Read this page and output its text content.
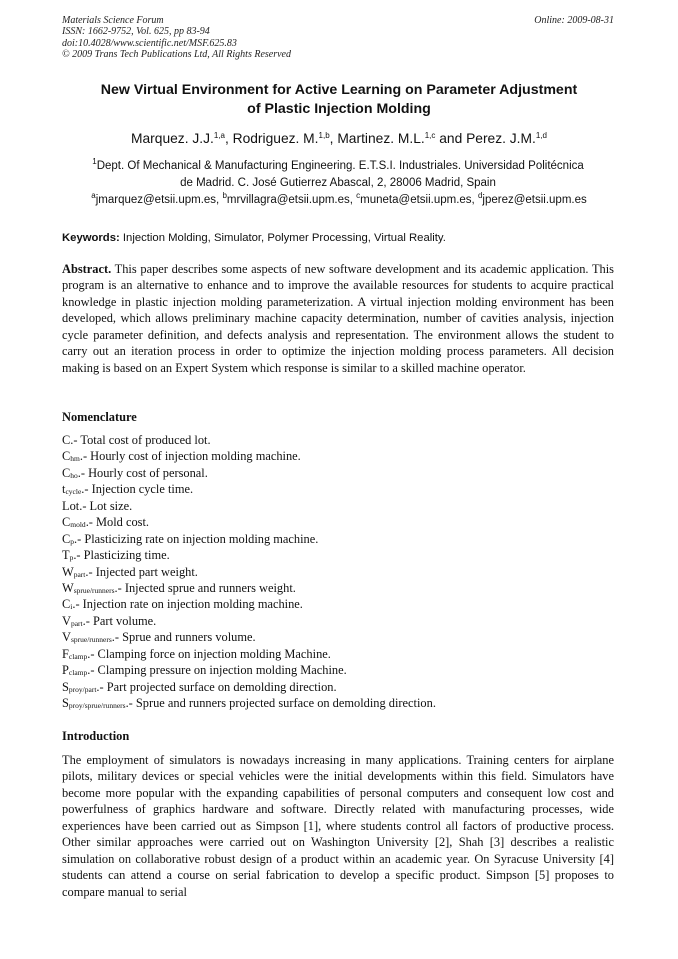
Materials Science Forum
ISSN: 1662-9752, Vol. 625, pp 83-94
doi:10.4028/www.scientific.net/MSF.625.83
© 2009 Trans Tech Publications Ltd, All Rights Reserved
Online: 2009-08-31
New Virtual Environment for Active Learning on Parameter Adjustment
of Plastic Injection Molding
Marquez. J.J.$^{1,a}$, Rodriguez. M.$^{1,b}$, Martinez. M.L.$^{1,c}$ and Perez. J.M.$^{1,d}$
$^1$Dept. Of Mechanical & Manufacturing Engineering. E.T.S.I. Industriales. Universidad Politécnica
de Madrid. C. José Gutierrez Abascal, 2, 28006 Madrid, Spain
$^a$jmarquez@etsii.upm.es, $^b$mrvillagra@etsii.upm.es, $^c$muneta@etsii.upm.es, $^d$jperez@etsii.upm.es
Keywords: Injection Molding, Simulator, Polymer Processing, Virtual Reality.
Abstract. This paper describes some aspects of new software development and its academic application. This program is an alternative to enhance and to improve the available resources for students to acquire practical knowledge in plastic injection molding parameterization. A virtual injection molding environment has been developed, which allows preliminary machine capacity determination, number of cavities analysis, injection cycle parameter definition, and defects analysis and representation. The environment allows the student to carry out an iteration process in order to optimize the injection molding process parameters. All decision making is based on an Expert System which response is similar to a skilled machine operator.
Nomenclature
C.- Total cost of produced lot.
$C_{hm}.-$ Hourly cost of injection molding machine.
$C_{ho}.-$ Hourly cost of personal.
$t_{cycle}.-$ Injection cycle time.
Lot.- Lot size.
$C_{mold}.-$ Mold cost.
$C_p.-$ Plasticizing rate on injection molding machine.
$T_p.-$ Plasticizing time.
$W_{part}.-$ Injected part weight.
$W_{sprue/runners}.-$ Injected sprue and runners weight.
$C_i.-$ Injection rate on injection molding machine.
$V_{part}.-$ Part volume.
$V_{sprue/runners}.-$ Sprue and runners volume.
$F_{clamp}.-$ Clamping force on injection molding Machine.
$P_{clamp}.-$ Clamping pressure on injection molding Machine.
$S_{proy/part}.-$ Part projected surface on demolding direction.
$S_{proy/sprue/runners}.-$ Sprue and runners projected surface on demolding direction.
Introduction
The employment of simulators is nowadays increasing in many applications. Training centers for airplane pilots, military devices or special vehicles were the initial developments within this field. Simulators have become more popular with the expanding capabilities of personal computers and consequent low cost and powerfulness of graphics hardware and software. Directly related with manufacturing processes, wide experiences have been carried out as Simpson [1], where students control all factors of productive process. Other similar approaches were carried out on Washington University [2], Shah [3] describes a realistic simulation on collaborative robust design of a product within an academic year. On Syracuse University [4] students can attend a course on serial fabrication to develop a specific product. Simpson [5] proposes to compare manual to serial
